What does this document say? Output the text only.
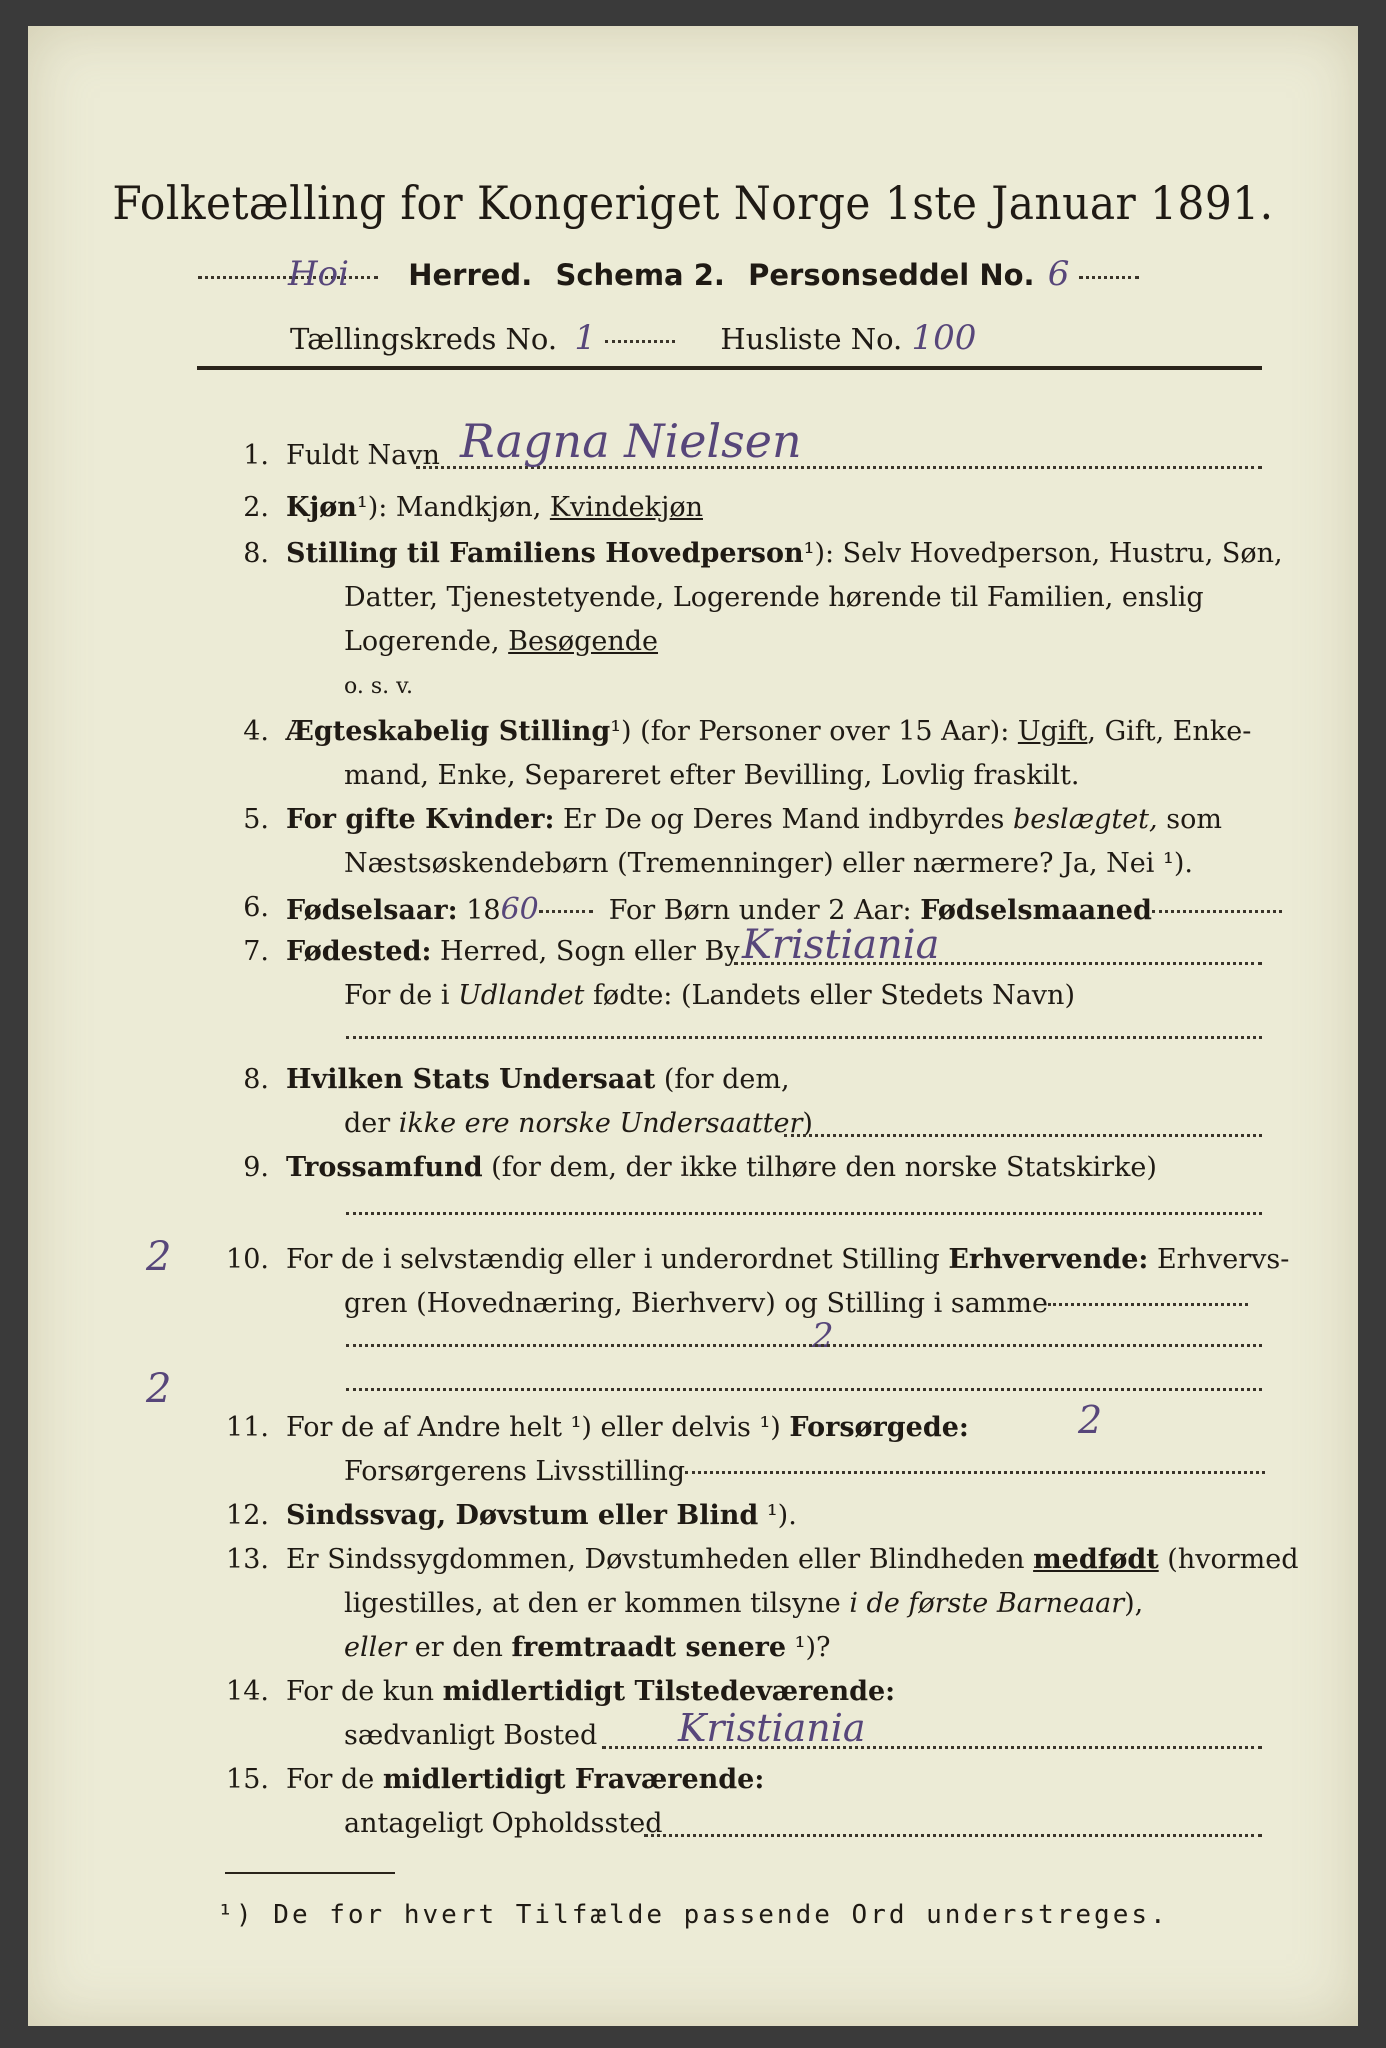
Folketælling for Kongeriget Norge 1ste Januar 1891.
Hoi Herred. Schema 2. Personseddel No. 6
Tællingskreds No. 1	Husliste No. 100
1. Fuldt Navn Ragna Nielsen
2. Kjøn¹): Mandkjøn, Kvindekjøn
8. Stilling til Familiens Hovedperson¹): Selv Hovedperson, Hustru, Søn,
Datter, Tjenestetyende, Logerende hørende til Familien, enslig
Logerende, Besøgende
o. s. v.
4. Ægteskabelig Stilling¹) (for Personer over 15 Aar): Ugift, Gift, Enke-
mand, Enke, Separeret efter Bevilling, Lovlig fraskilt.
5. For gifte Kvinder: Er De og Deres Mand indbyrdes beslægtet, som
Næstsøskendebørn (Tremenninger) eller nærmere? Ja, Nei ¹).
6. Fødselsaar: 1860	For Børn under 2 Aar: Fødselsmaaned
7. Fødested: Herred, Sogn eller By Kristiania
For de i Udlandet fødte: (Landets eller Stedets Navn)
8. Hvilken Stats Undersaat (for dem,
der ikke ere norske Undersaatter)
9. Trossamfund (for dem, der ikke tilhøre den norske Statskirke)
2	10. For de i selvstændig eller i underordnet Stilling Erhvervende: Erhvervs-
gren (Hovednæring, Bierhverv) og Stilling i samme
2
2
11. For de af Andre helt ¹) eller delvis ¹) Forsørgede:	2
Forsørgerens Livsstilling
12. Sindssvag, Døvstum eller Blind ¹).
13. Er Sindssygdommen, Døvstumheden eller Blindheden medfødt (hvormed
ligestilles, at den er kommen tilsyne i de første Barneaar),
eller er den fremtraadt senere ¹)?
14. For de kun midlertidigt Tilstedeværende:
sædvanligt Bosted Kristiania
15. For de midlertidigt Fraværende:
antageligt Opholdssted
¹) De for hvert Tilfælde passende Ord understreges.
